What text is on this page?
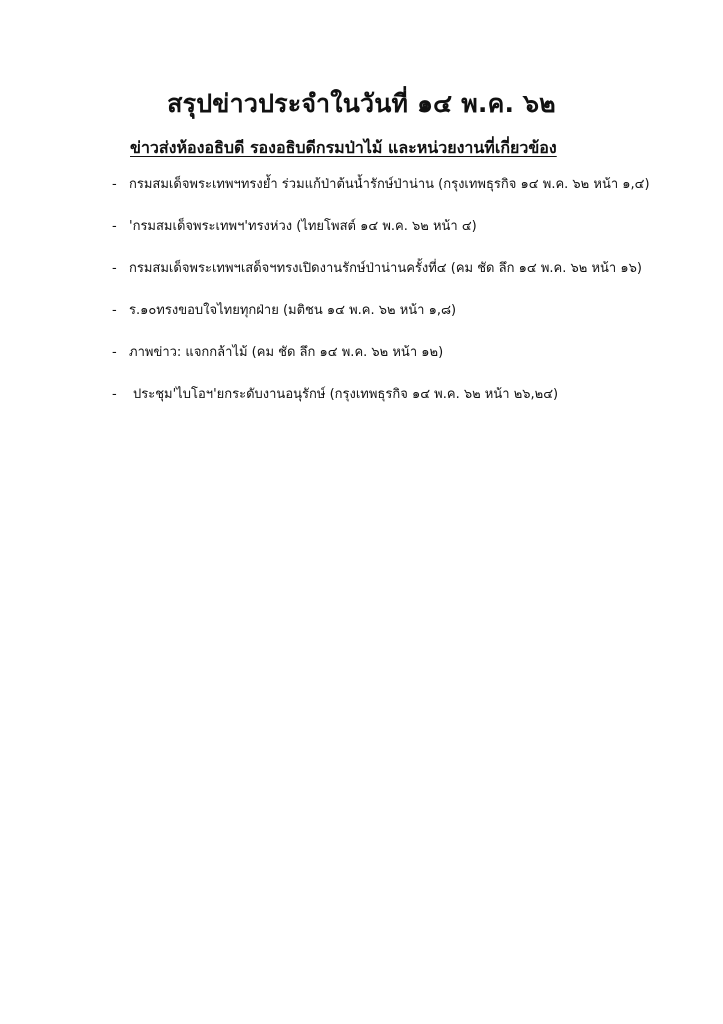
สรุปข่าวประจำในวันที่ ๑๔ พ.ค. ๖๒
ข่าวส่งห้องอธิบดี รองอธิบดีกรมป่าไม้ และหน่วยงานที่เกี่ยวข้อง
- กรมสมเด็จพระเทพฯทรงย้ำ ร่วมแก้ป่าต้นน้ำรักษ์ป่าน่าน (กรุงเทพธุรกิจ ๑๔ พ.ค. ๖๒ หน้า ๑,๔)
- 'กรมสมเด็จพระเทพฯ'ทรงห่วง (ไทยโพสต์ ๑๔ พ.ค. ๖๒ หน้า ๔)
- กรมสมเด็จพระเทพฯเสด็จฯทรงเปิดงานรักษ์ป่าน่านครั้งที่๔ (คม ชัด ลึก ๑๔ พ.ค. ๖๒ หน้า ๑๖)
- ร.๑๐ทรงขอบใจไทยทุกฝ่าย (มติชน ๑๔ พ.ค. ๖๒ หน้า ๑,๘)
- ภาพข่าว: แจกกล้าไม้ (คม ชัด ลึก ๑๔ พ.ค. ๖๒ หน้า ๑๒)
-	ประชุม'ไบโอฯ'ยกระดับงานอนุรักษ์ (กรุงเทพธุรกิจ ๑๔ พ.ค. ๖๒ หน้า ๒๖,๒๔)
